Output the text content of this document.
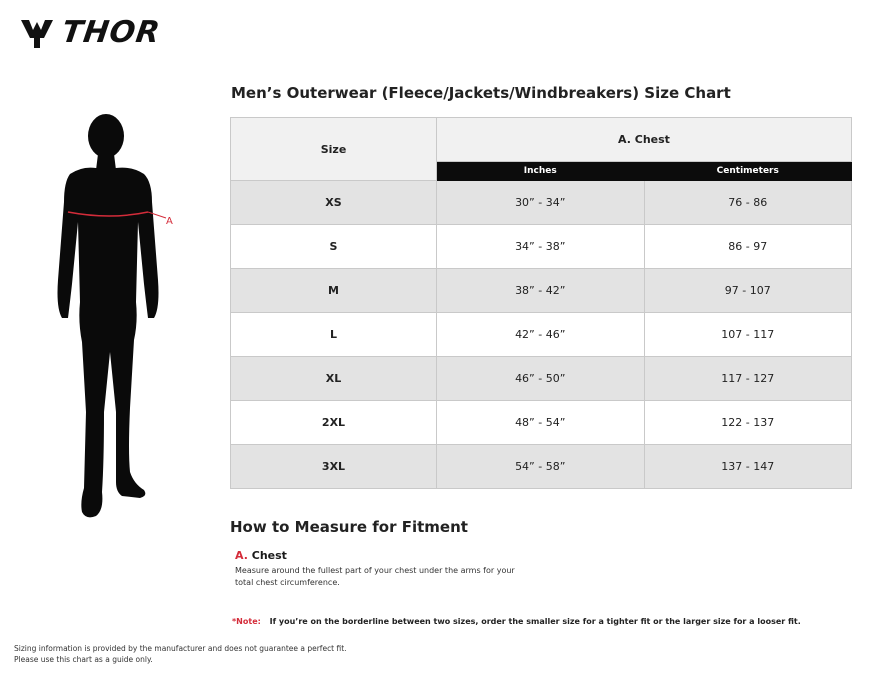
THOR
A
Men’s Outerwear (Fleece/Jackets/Windbreakers) Size Chart
Size	A. Chest	
	Inches	Centimeters
XS	30” - 34”	76 - 86
S	34” - 38”	86 - 97
M	38” - 42”	97 - 107
L	42” - 46”	107 - 117
XL	46” - 50”	117 - 127
2XL	48” - 54”	122 - 137
3XL	54” - 58”	137 - 147
How to Measure for Fitment
A. Chest
Measure around the fullest part of your chest under the arms for your
total chest circumference.
*Note: If you’re on the borderline between two sizes, order the smaller size for a tighter fit or the larger size for a looser fit.
Sizing information is provided by the manufacturer and does not guarantee a perfect fit.
Please use this chart as a guide only.
